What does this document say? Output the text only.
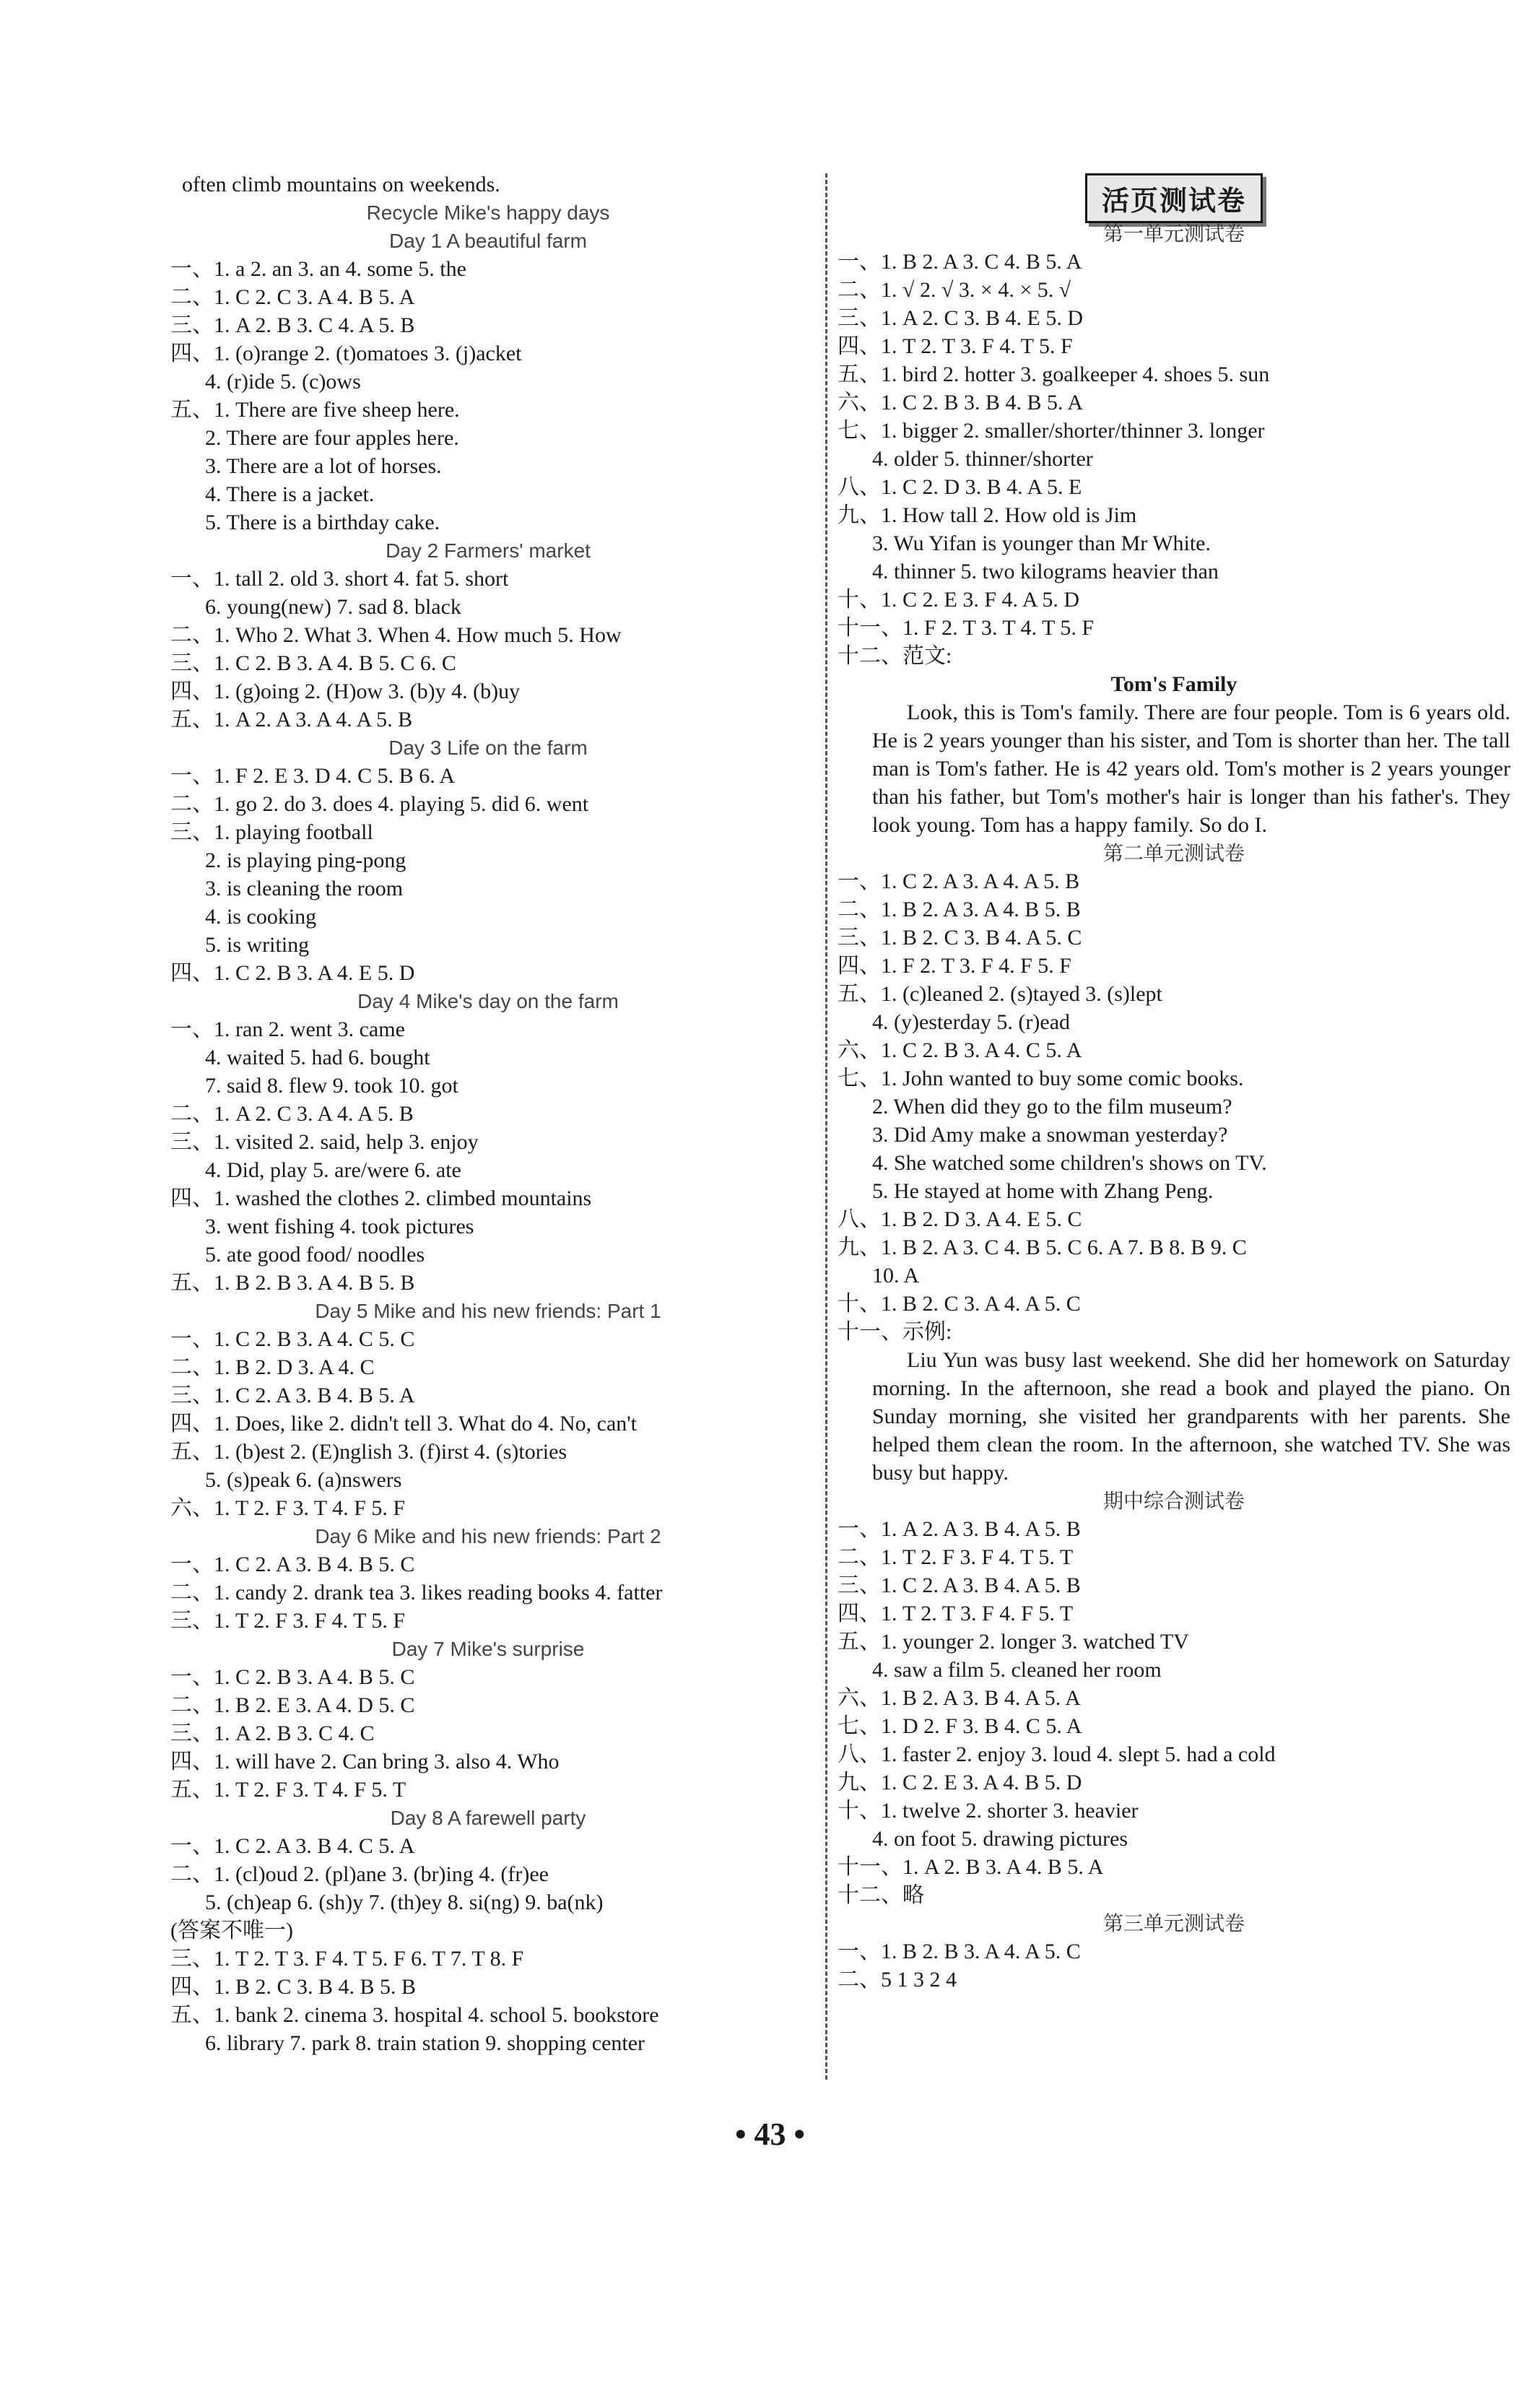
often climb mountains on weekends.
Recycle Mike's happy days
Day 1 A beautiful farm
一、1. a 2. an 3. an 4. some 5. the
二、1. C 2. C 3. A 4. B 5. A
三、1. A 2. B 3. C 4. A 5. B
四、1. (o)range 2. (t)omatoes 3. (j)acket
4. (r)ide 5. (c)ows
五、1. There are five sheep here.
2. There are four apples here.
3. There are a lot of horses.
4. There is a jacket.
5. There is a birthday cake.
Day 2 Farmers' market
一、1. tall 2. old 3. short 4. fat 5. short
6. young(new) 7. sad 8. black
二、1. Who 2. What 3. When 4. How much 5. How
三、1. C 2. B 3. A 4. B 5. C 6. C
四、1. (g)oing 2. (H)ow 3. (b)y 4. (b)uy
五、1. A 2. A 3. A 4. A 5. B
Day 3 Life on the farm
一、1. F 2. E 3. D 4. C 5. B 6. A
二、1. go 2. do 3. does 4. playing 5. did 6. went
三、1. playing football
2. is playing ping-pong
3. is cleaning the room
4. is cooking
5. is writing
四、1. C 2. B 3. A 4. E 5. D
Day 4 Mike's day on the farm
一、1. ran 2. went 3. came
4. waited 5. had 6. bought
7. said 8. flew 9. took 10. got
二、1. A 2. C 3. A 4. A 5. B
三、1. visited 2. said, help 3. enjoy
4. Did, play 5. are/were 6. ate
四、1. washed the clothes 2. climbed mountains
3. went fishing 4. took pictures
5. ate good food/ noodles
五、1. B 2. B 3. A 4. B 5. B
Day 5 Mike and his new friends: Part 1
一、1. C 2. B 3. A 4. C 5. C
二、1. B 2. D 3. A 4. C
三、1. C 2. A 3. B 4. B 5. A
四、1. Does, like 2. didn't tell 3. What do 4. No, can't
五、1. (b)est 2. (E)nglish 3. (f)irst 4. (s)tories
5. (s)peak 6. (a)nswers
六、1. T 2. F 3. T 4. F 5. F
Day 6 Mike and his new friends: Part 2
一、1. C 2. A 3. B 4. B 5. C
二、1. candy 2. drank tea 3. likes reading books 4. fatter
三、1. T 2. F 3. F 4. T 5. F
Day 7 Mike's surprise
一、1. C 2. B 3. A 4. B 5. C
二、1. B 2. E 3. A 4. D 5. C
三、1. A 2. B 3. C 4. C
四、1. will have 2. Can bring 3. also 4. Who
五、1. T 2. F 3. T 4. F 5. T
Day 8 A farewell party
一、1. C 2. A 3. B 4. C 5. A
二、1. (cl)oud 2. (pl)ane 3. (br)ing 4. (fr)ee
5. (ch)eap 6. (sh)y 7. (th)ey 8. si(ng) 9. ba(nk)
(答案不唯一)
三、1. T 2. T 3. F 4. T 5. F 6. T 7. T 8. F
四、1. B 2. C 3. B 4. B 5. B
五、1. bank 2. cinema 3. hospital 4. school 5. bookstore
6. library 7. park 8. train station 9. shopping center
活页测试卷
第一单元测试卷
一、1. B 2. A 3. C 4. B 5. A
二、1. √ 2. √ 3. × 4. × 5. √
三、1. A 2. C 3. B 4. E 5. D
四、1. T 2. T 3. F 4. T 5. F
五、1. bird 2. hotter 3. goalkeeper 4. shoes 5. sun
六、1. C 2. B 3. B 4. B 5. A
七、1. bigger 2. smaller/shorter/thinner 3. longer
4. older 5. thinner/shorter
八、1. C 2. D 3. B 4. A 5. E
九、1. How tall 2. How old is Jim
3. Wu Yifan is younger than Mr White.
4. thinner 5. two kilograms heavier than
十、1. C 2. E 3. F 4. A 5. D
十一、1. F 2. T 3. T 4. T 5. F
十二、范文:
Tom's Family
Look, this is Tom's family. There are four people. Tom is 6 years old. He is 2 years younger than his sister, and Tom is shorter than her. The tall man is Tom's father. He is 42 years old. Tom's mother is 2 years younger than his father, but Tom's mother's hair is longer than his father's. They look young. Tom has a happy family. So do I.
第二单元测试卷
一、1. C 2. A 3. A 4. A 5. B
二、1. B 2. A 3. A 4. B 5. B
三、1. B 2. C 3. B 4. A 5. C
四、1. F 2. T 3. F 4. F 5. F
五、1. (c)leaned 2. (s)tayed 3. (s)lept
4. (y)esterday 5. (r)ead
六、1. C 2. B 3. A 4. C 5. A
七、1. John wanted to buy some comic books.
2. When did they go to the film museum?
3. Did Amy make a snowman yesterday?
4. She watched some children's shows on TV.
5. He stayed at home with Zhang Peng.
八、1. B 2. D 3. A 4. E 5. C
九、1. B 2. A 3. C 4. B 5. C 6. A 7. B 8. B 9. C
10. A
十、1. B 2. C 3. A 4. A 5. C
十一、示例:
Liu Yun was busy last weekend. She did her homework on Saturday morning. In the afternoon, she read a book and played the piano. On Sunday morning, she visited her grandparents with her parents. She helped them clean the room. In the afternoon, she watched TV. She was busy but happy.
期中综合测试卷
一、1. A 2. A 3. B 4. A 5. B
二、1. T 2. F 3. F 4. T 5. T
三、1. C 2. A 3. B 4. A 5. B
四、1. T 2. T 3. F 4. F 5. T
五、1. younger 2. longer 3. watched TV
4. saw a film 5. cleaned her room
六、1. B 2. A 3. B 4. A 5. A
七、1. D 2. F 3. B 4. C 5. A
八、1. faster 2. enjoy 3. loud 4. slept 5. had a cold
九、1. C 2. E 3. A 4. B 5. D
十、1. twelve 2. shorter 3. heavier
4. on foot 5. drawing pictures
十一、1. A 2. B 3. A 4. B 5. A
十二、略
第三单元测试卷
一、1. B 2. B 3. A 4. A 5. C
二、5 1 3 2 4
• 43 •
